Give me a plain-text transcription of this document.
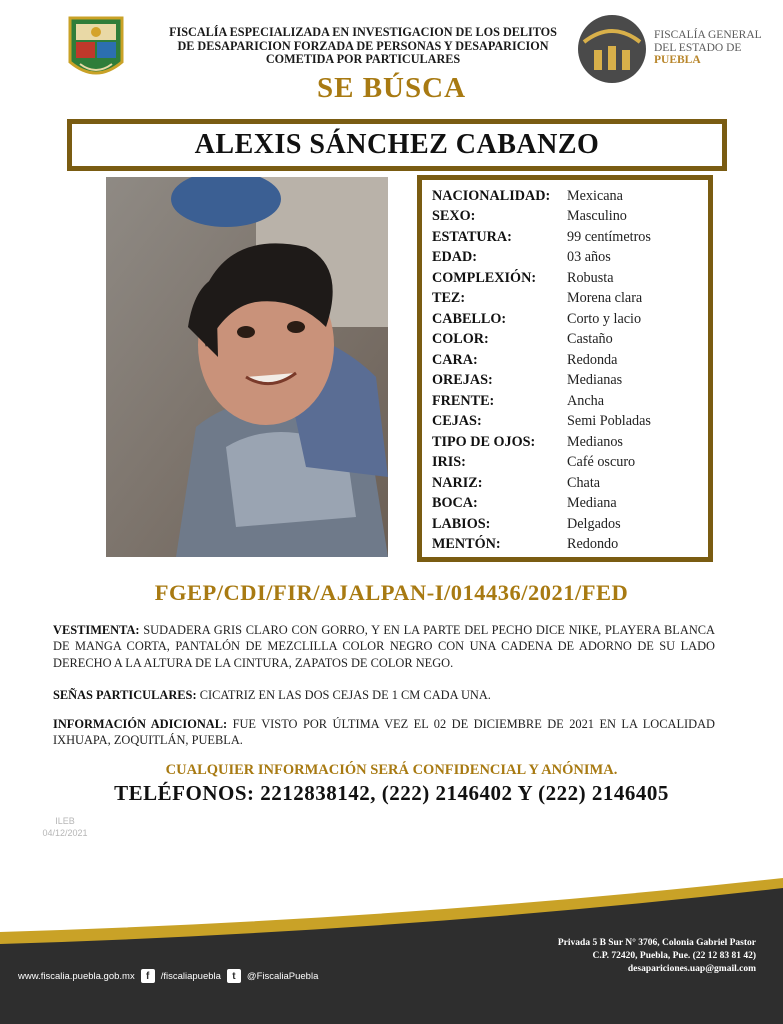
FISCALÍA ESPECIALIZADA EN INVESTIGACION DE LOS DELITOS
DE DESAPARICION FORZADA DE PERSONAS Y DESAPARICION
COMETIDA POR PARTICULARES
FISCALÍA GENERAL
DEL ESTADO DE
PUEBLA
SE BÚSCA
ALEXIS SÁNCHEZ CABANZO
NACIONALIDAD:	Mexicana
SEXO:	Masculino
ESTATURA:	99 centímetros
EDAD:	03 años
COMPLEXIÓN:	Robusta
TEZ:	Morena clara
CABELLO:	Corto y lacio
COLOR:	Castaño
CARA:	Redonda
OREJAS:	Medianas
FRENTE:	Ancha
CEJAS:	Semi Pobladas
TIPO DE OJOS:	Medianos
IRIS:	Café oscuro
NARIZ:	Chata
BOCA:	Mediana
LABIOS:	Delgados
MENTÓN:	Redondo
FGEP/CDI/FIR/AJALPAN-I/014436/2021/FED
VESTIMENTA: SUDADERA GRIS CLARO CON GORRO, Y EN LA PARTE DEL PECHO DICE NIKE, PLAYERA BLANCA DE MANGA CORTA, PANTALÓN DE MEZCLILLA COLOR NEGRO CON UNA CADENA DE ADORNO DE SU LADO DERECHO A LA ALTURA DE LA CINTURA, ZAPATOS DE COLOR NEGO.
SEÑAS PARTICULARES: CICATRIZ EN LAS DOS CEJAS DE 1 CM CADA UNA.
INFORMACIÓN ADICIONAL: FUE VISTO POR ÚLTIMA VEZ EL 02 DE DICIEMBRE DE 2021 EN LA LOCALIDAD IXHUAPA, ZOQUITLÁN, PUEBLA.
CUALQUIER INFORMACIÓN SERÁ CONFIDENCIAL Y ANÓNIMA.
TELÉFONOS: 2212838142, (222) 2146402 Y (222) 2146405
ILEB
04/12/2021
www.fiscalia.puebla.gob.mx	f	/fiscaliapuebla	t	@FiscaliaPuebla
Privada 5 B Sur N° 3706, Colonia Gabriel Pastor
C.P. 72420, Puebla, Pue. (22 12 83 81 42)
desapariciones.uap@gmail.com
